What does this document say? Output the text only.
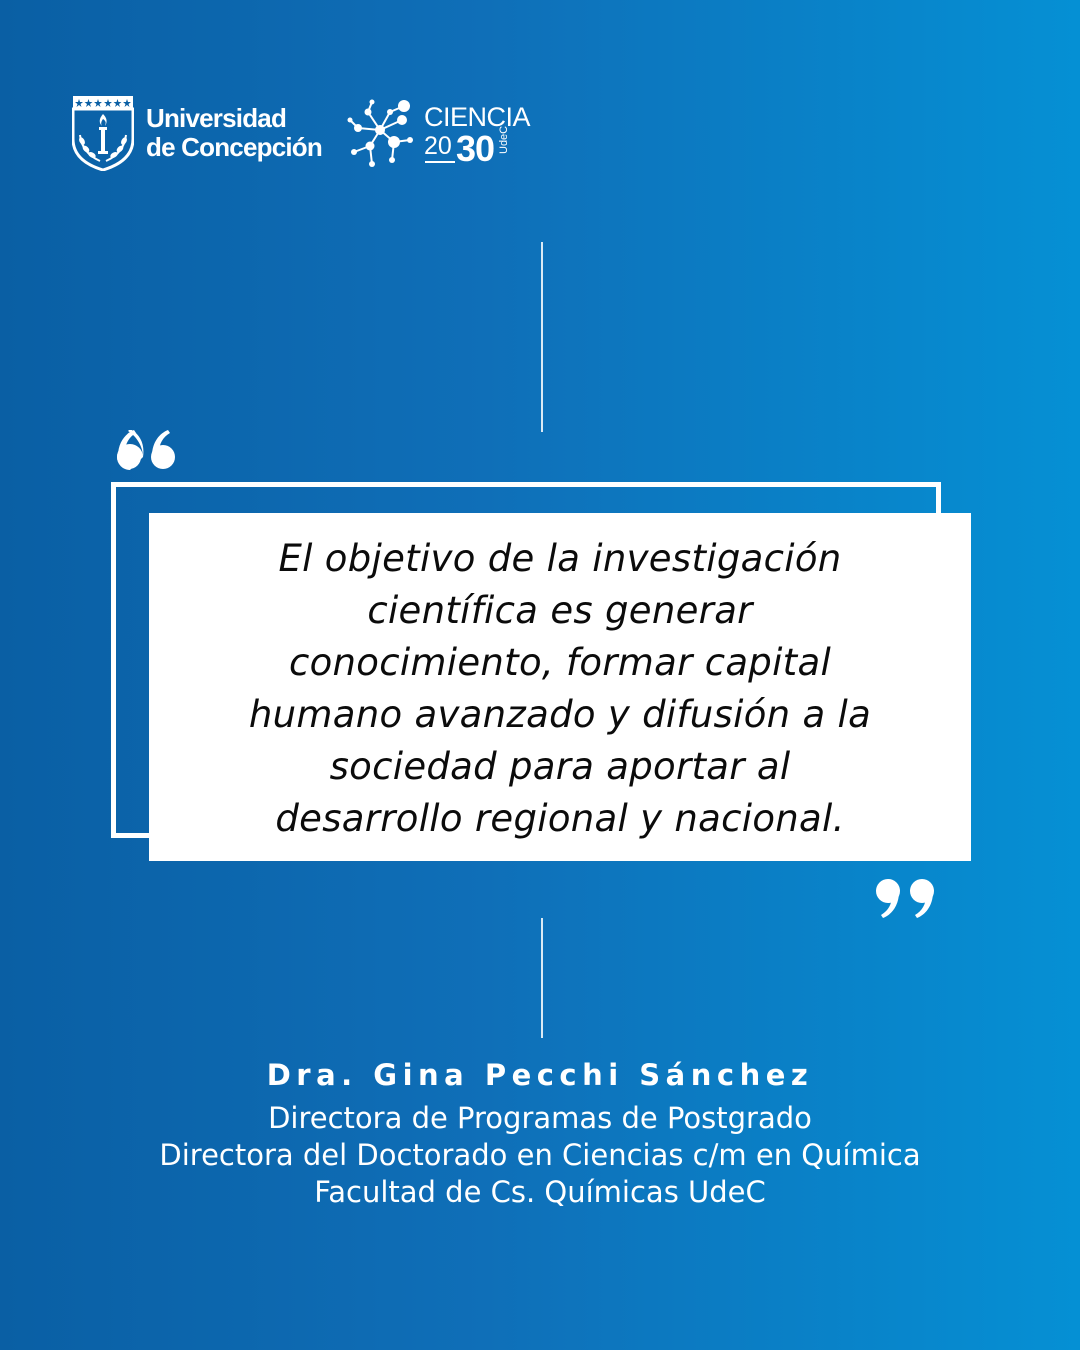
Universidad
de Concepción
CIENCIA
20 30 UdeC
El objetivo de la investigación
científica es generar
conocimiento, formar capital
humano avanzado y difusión a la
sociedad para aportar al
desarrollo regional y nacional.
Dra. Gina Pecchi Sánchez
Directora de Programas de Postgrado
Directora del Doctorado en Ciencias c/m en Química
Facultad de Cs. Químicas UdeC
